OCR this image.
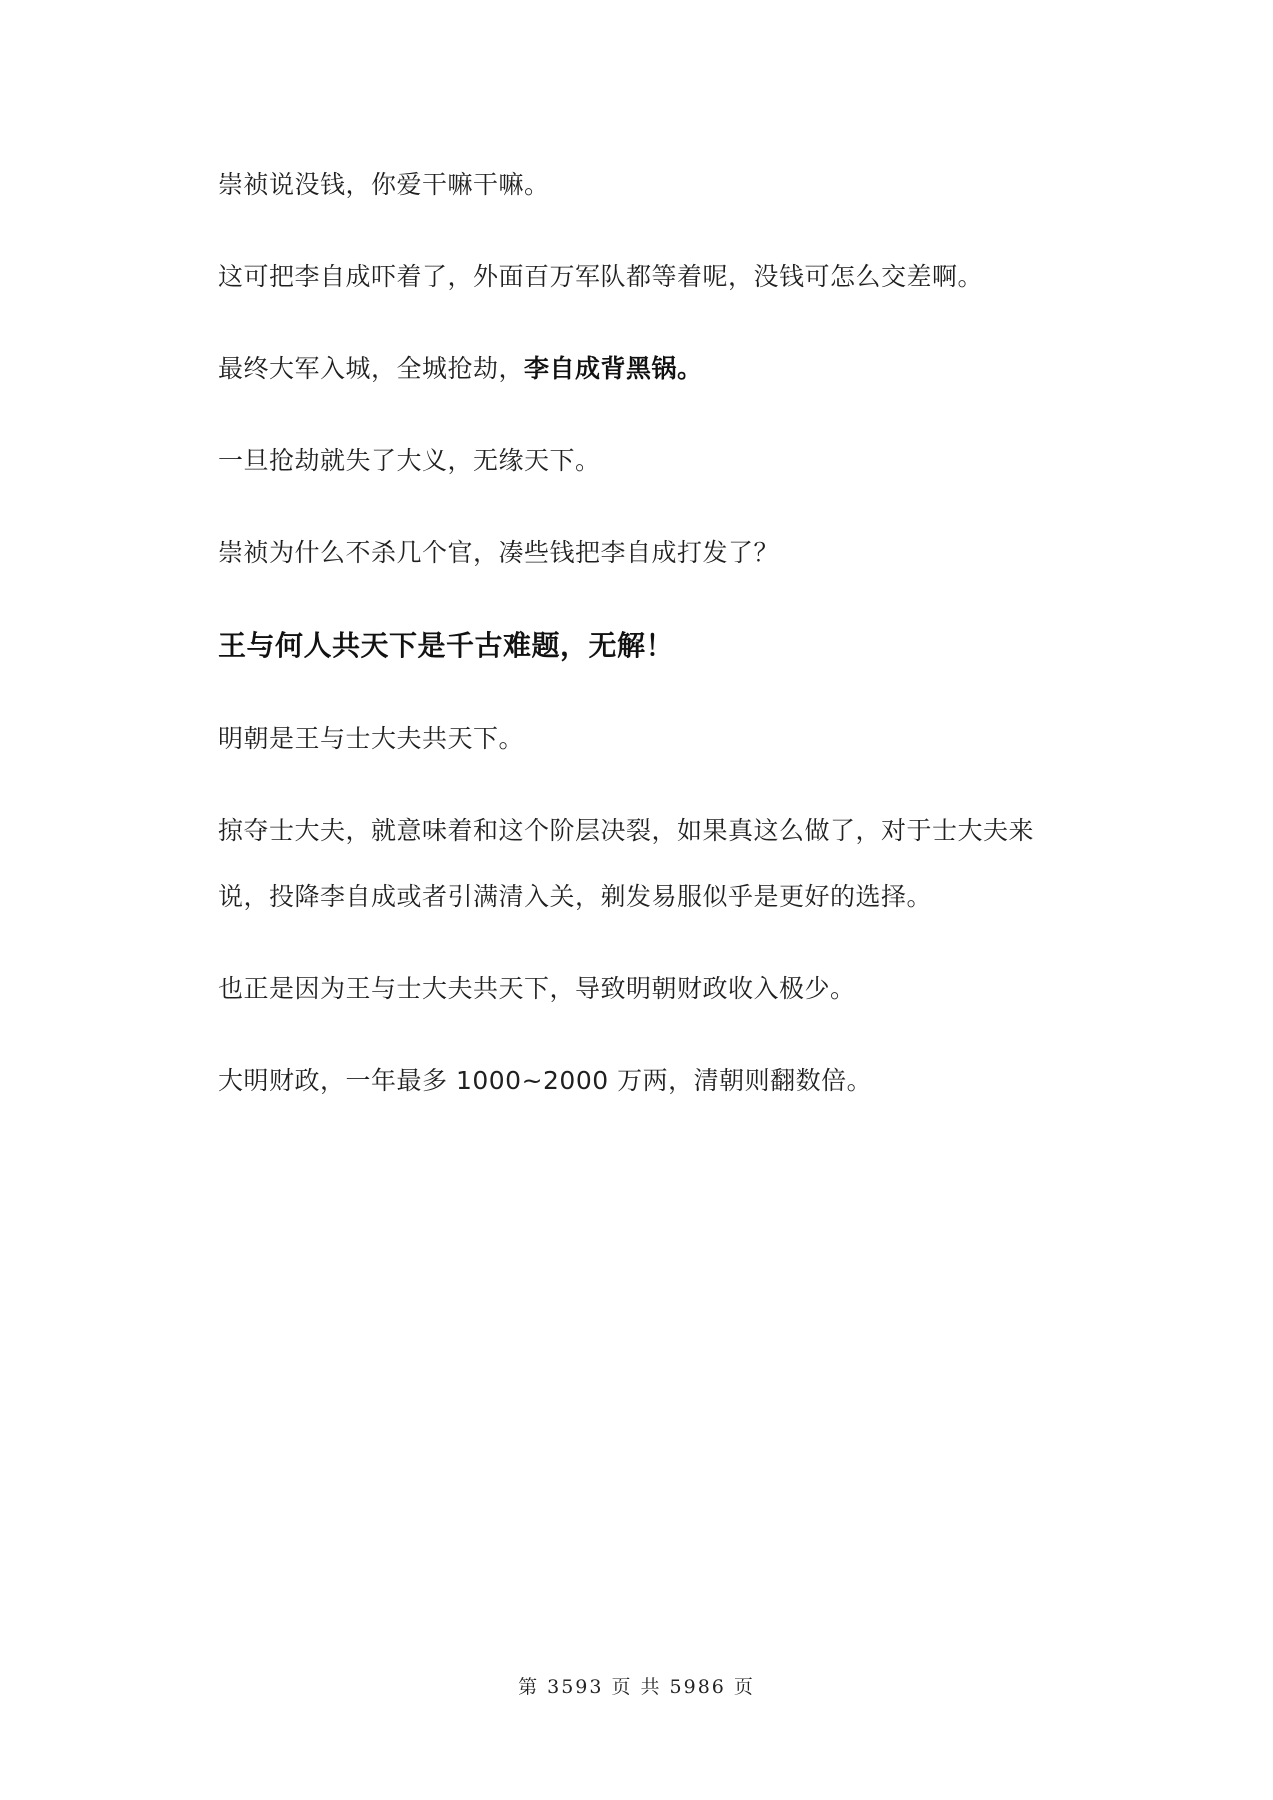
崇祯说没钱，你爱干嘛干嘛。

这可把李自成吓着了，外面百万军队都等着呢，没钱可怎么交差啊。

最终大军入城，全城抢劫，李自成背黑锅。

一旦抢劫就失了大义，无缘天下。

崇祯为什么不杀几个官，凑些钱把李自成打发了？

王与何人共天下是千古难题，无解！

明朝是王与士大夫共天下。

掠夺士大夫，就意味着和这个阶层决裂，如果真这么做了，对于士大夫来

说，投降李自成或者引满清入关，剃发易服似乎是更好的选择。

也正是因为王与士大夫共天下，导致明朝财政收入极少。

大明财政，一年最多 1000~2000 万两，清朝则翻数倍。

第 3593 页 共 5986 页
